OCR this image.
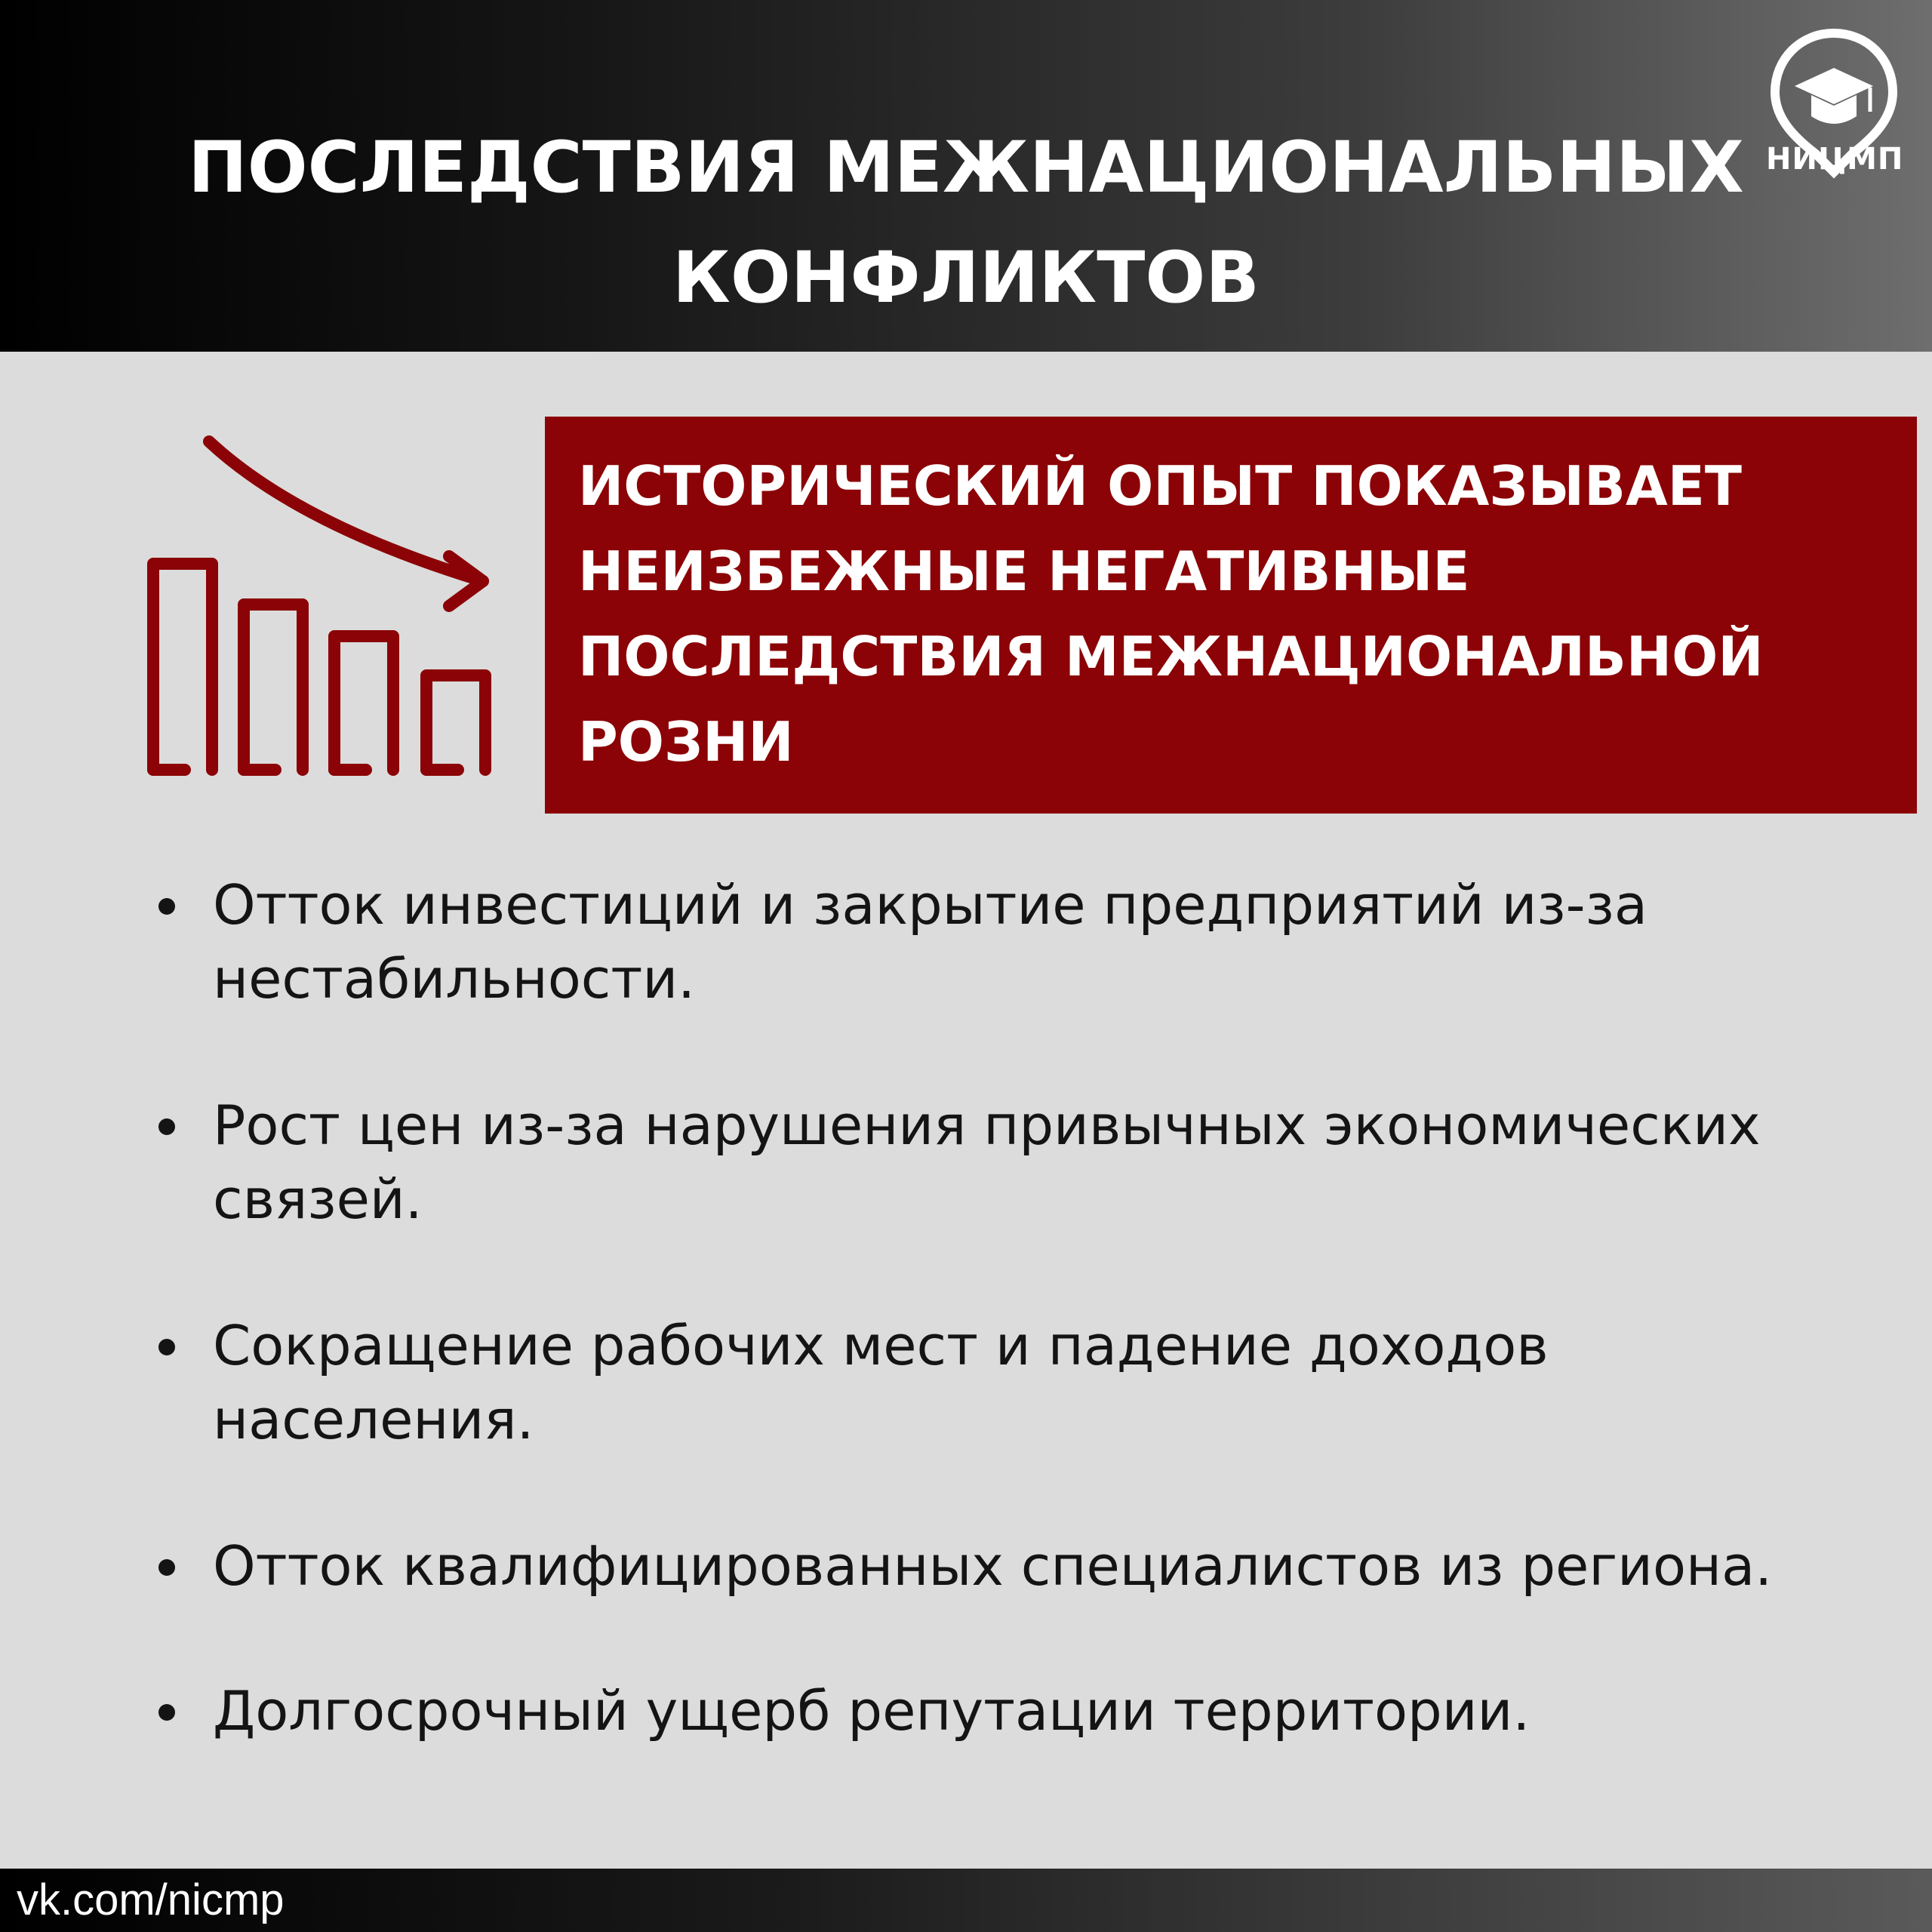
ПОСЛЕДСТВИЯ МЕЖНАЦИОНАЛЬНЫХ
КОНФЛИКТОВ
НИЦМП
ИСТОРИЧЕСКИЙ ОПЫТ ПОКАЗЫВАЕТ
НЕИЗБЕЖНЫЕ НЕГАТИВНЫЕ
ПОСЛЕДСТВИЯ МЕЖНАЦИОНАЛЬНОЙ
РОЗНИ
Отток инвестиций и закрытие предприятий из-за нестабильности.
Рост цен из-за нарушения привычных экономических связей.
Сокращение рабочих мест и падение доходов населения.
Отток квалифицированных специалистов из региона.
Долгосрочный ущерб репутации территории.
vk.com/nicmp
